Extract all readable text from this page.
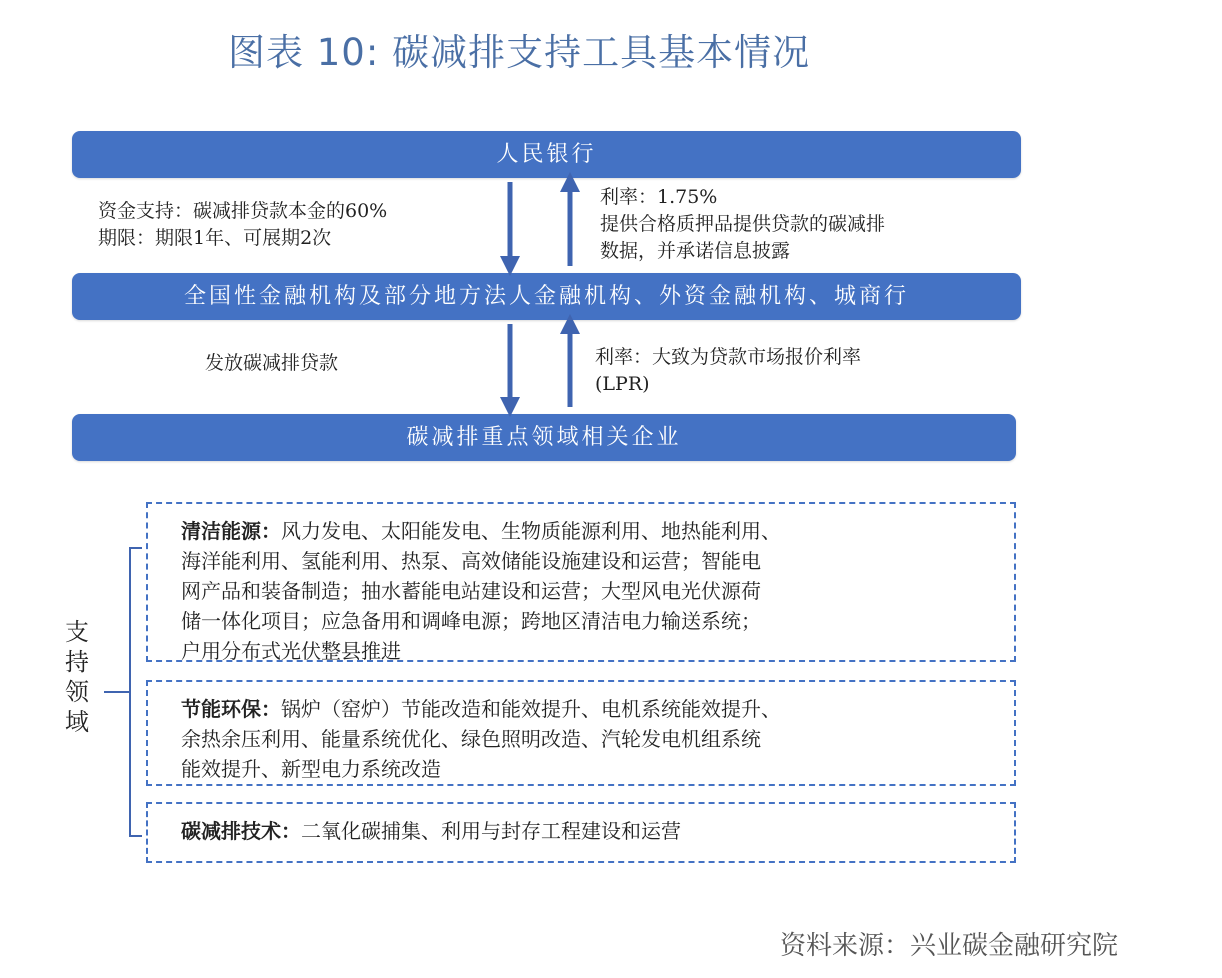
图表 10: 碳减排支持工具基本情况
人民银行
全国性金融机构及部分地方法人金融机构、外资金融机构、城商行
碳减排重点领域相关企业
资金支持：碳减排贷款本金的60%
期限：期限1年、可展期2次
利率：1.75%
提供合格质押品提供贷款的碳减排
数据，并承诺信息披露
发放碳减排贷款	利率：大致为贷款市场报价利率
(LPR)
支
持
领
域
清洁能源：风力发电、太阳能发电、生物质能源利用、地热能利用、
海洋能利用、氢能利用、热泵、高效储能设施建设和运营；智能电
网产品和装备制造；抽水蓄能电站建设和运营；大型风电光伏源荷
储一体化项目；应急备用和调峰电源；跨地区清洁电力输送系统；
户用分布式光伏整县推进
节能环保：锅炉（窑炉）节能改造和能效提升、电机系统能效提升、
余热余压利用、能量系统优化、绿色照明改造、汽轮发电机组系统
能效提升、新型电力系统改造
碳减排技术：二氧化碳捕集、利用与封存工程建设和运营
资料来源：兴业碳金融研究院
